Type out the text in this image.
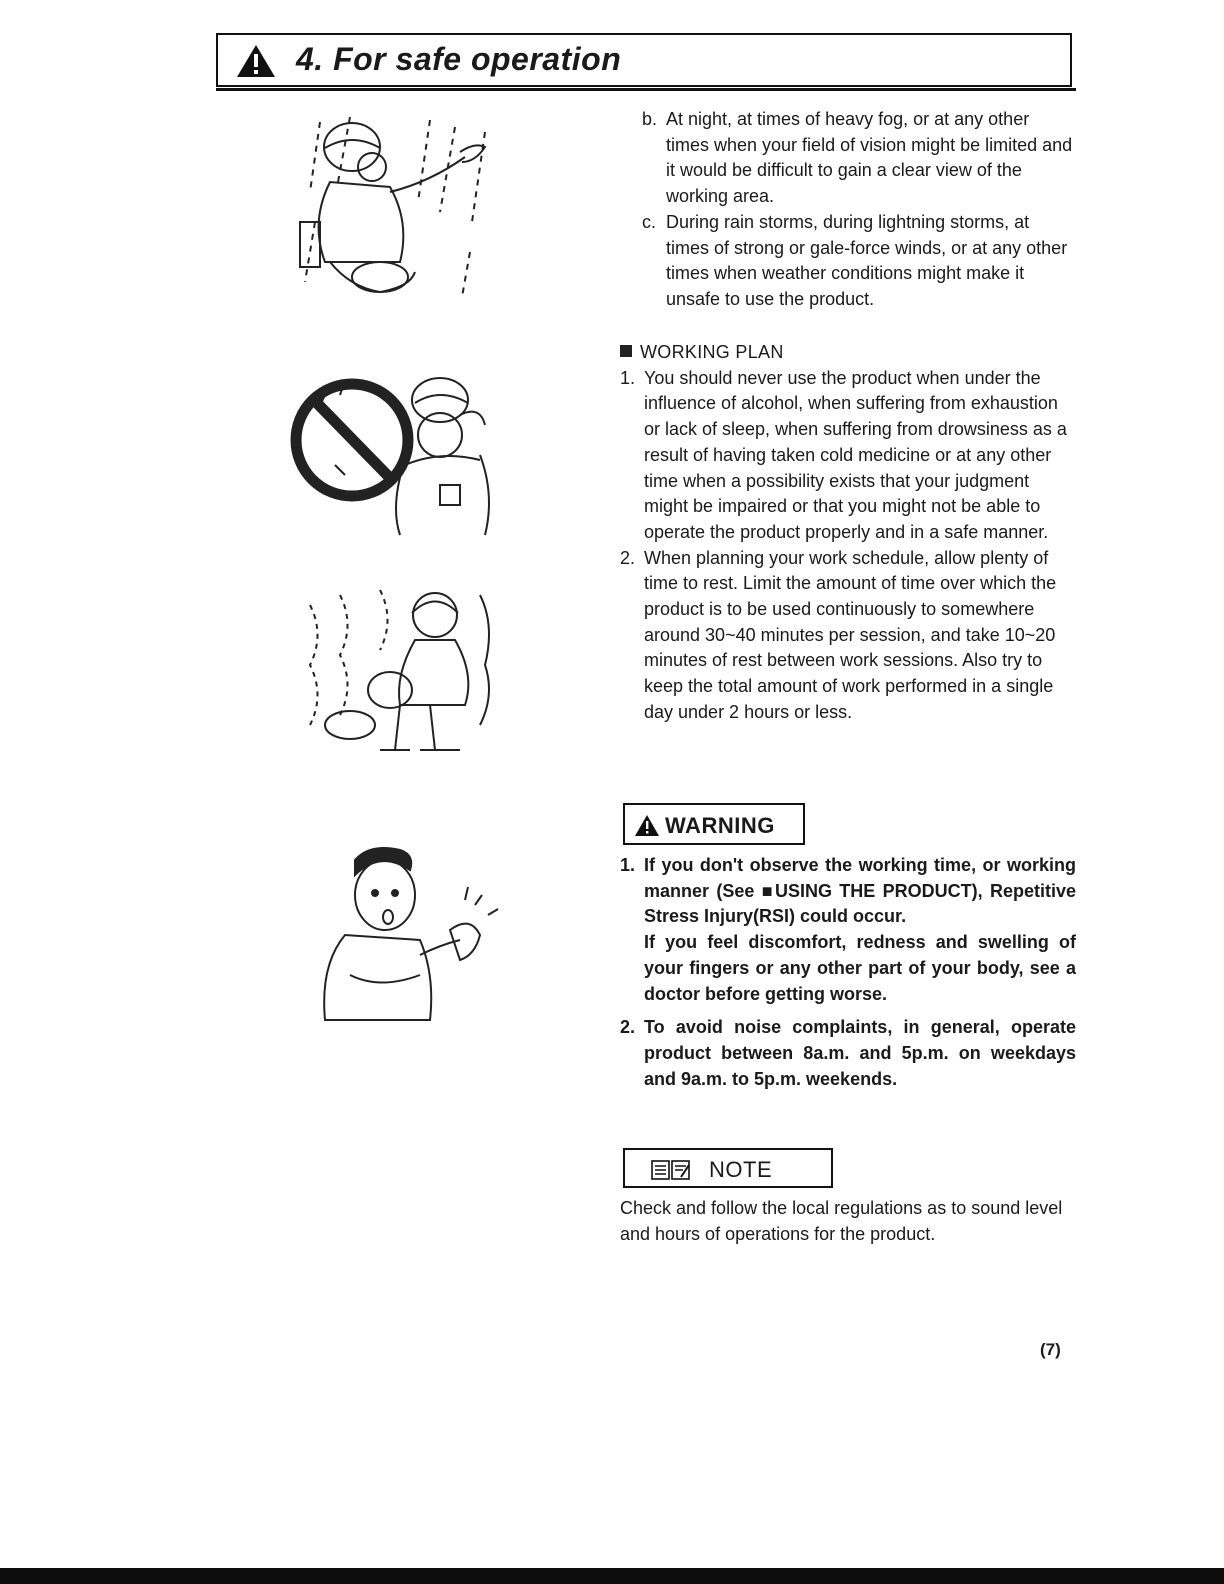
4. For safe operation
b. At night, at times of heavy fog, or at any other times when your field of vision might be limited and it would be difficult to gain a clear view of the working area.
c. During rain storms, during lightning storms, at times of strong or gale-force winds, or at any other times when weather conditions might make it unsafe to use the product.
WORKING PLAN
1. You should never use the product when under the influence of alcohol, when suffering from exhaustion or lack of sleep, when suffering from drowsiness as a result of having taken cold medicine or at any other time when a possibility exists that your judgment might be impaired or that you might not be able to operate the product properly and in a safe manner.
2. When planning your work schedule, allow plenty of time to rest. Limit the amount of time over which the product is to be used continuously to somewhere around 30~40 minutes per session, and take 10~20 minutes of rest between work sessions. Also try to keep the total amount of work performed in a single day under 2 hours or less.
WARNING
1. If you don't observe the working time, or working manner (See ■USING THE PRODUCT), Repetitive Stress Injury(RSI) could occur.
If you feel discomfort, redness and swelling of your fingers or any other part of your body, see a doctor before getting worse.
2. To avoid noise complaints, in general, operate product between 8a.m. and 5p.m. on weekdays and 9a.m. to 5p.m. weekends.
NOTE
Check and follow the local regulations as to sound level and hours of operations for the product.
(7)
